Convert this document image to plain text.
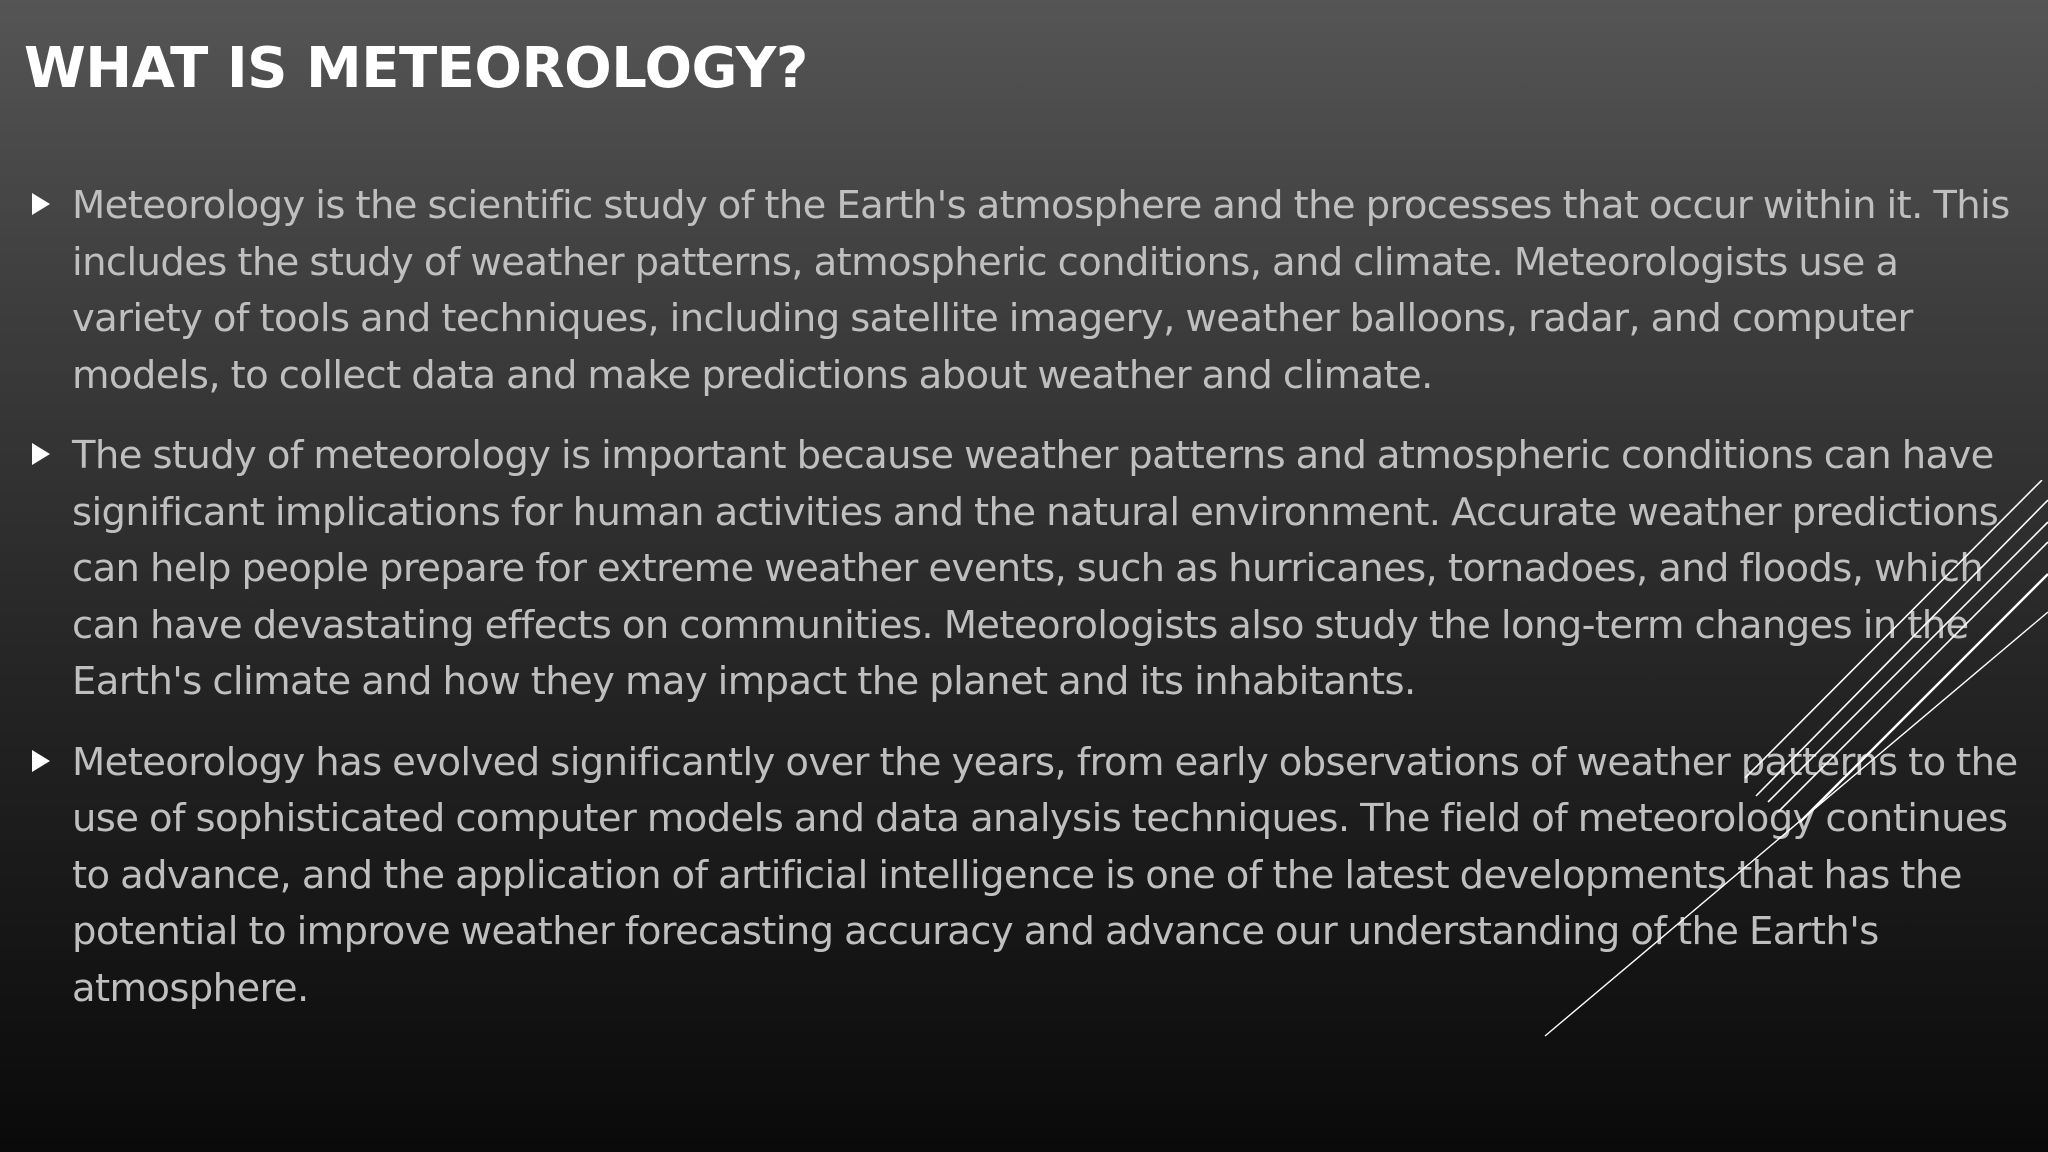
WHAT IS METEOROLOGY?
Meteorology is the scientific study of the Earth's atmosphere and the processes that occur within it. This includes the study of weather patterns, atmospheric conditions, and climate. Meteorologists use a variety of tools and techniques, including satellite imagery, weather balloons, radar, and computer models, to collect data and make predictions about weather and climate.
The study of meteorology is important because weather patterns and atmospheric conditions can have significant implications for human activities and the natural environment. Accurate weather predictions can help people prepare for extreme weather events, such as hurricanes, tornadoes, and floods, which can have devastating effects on communities. Meteorologists also study the long-term changes in the Earth's climate and how they may impact the planet and its inhabitants.
Meteorology has evolved significantly over the years, from early observations of weather patterns to the use of sophisticated computer models and data analysis techniques. The field of meteorology continues to advance, and the application of artificial intelligence is one of the latest developments that has the potential to improve weather forecasting accuracy and advance our understanding of the Earth's atmosphere.
